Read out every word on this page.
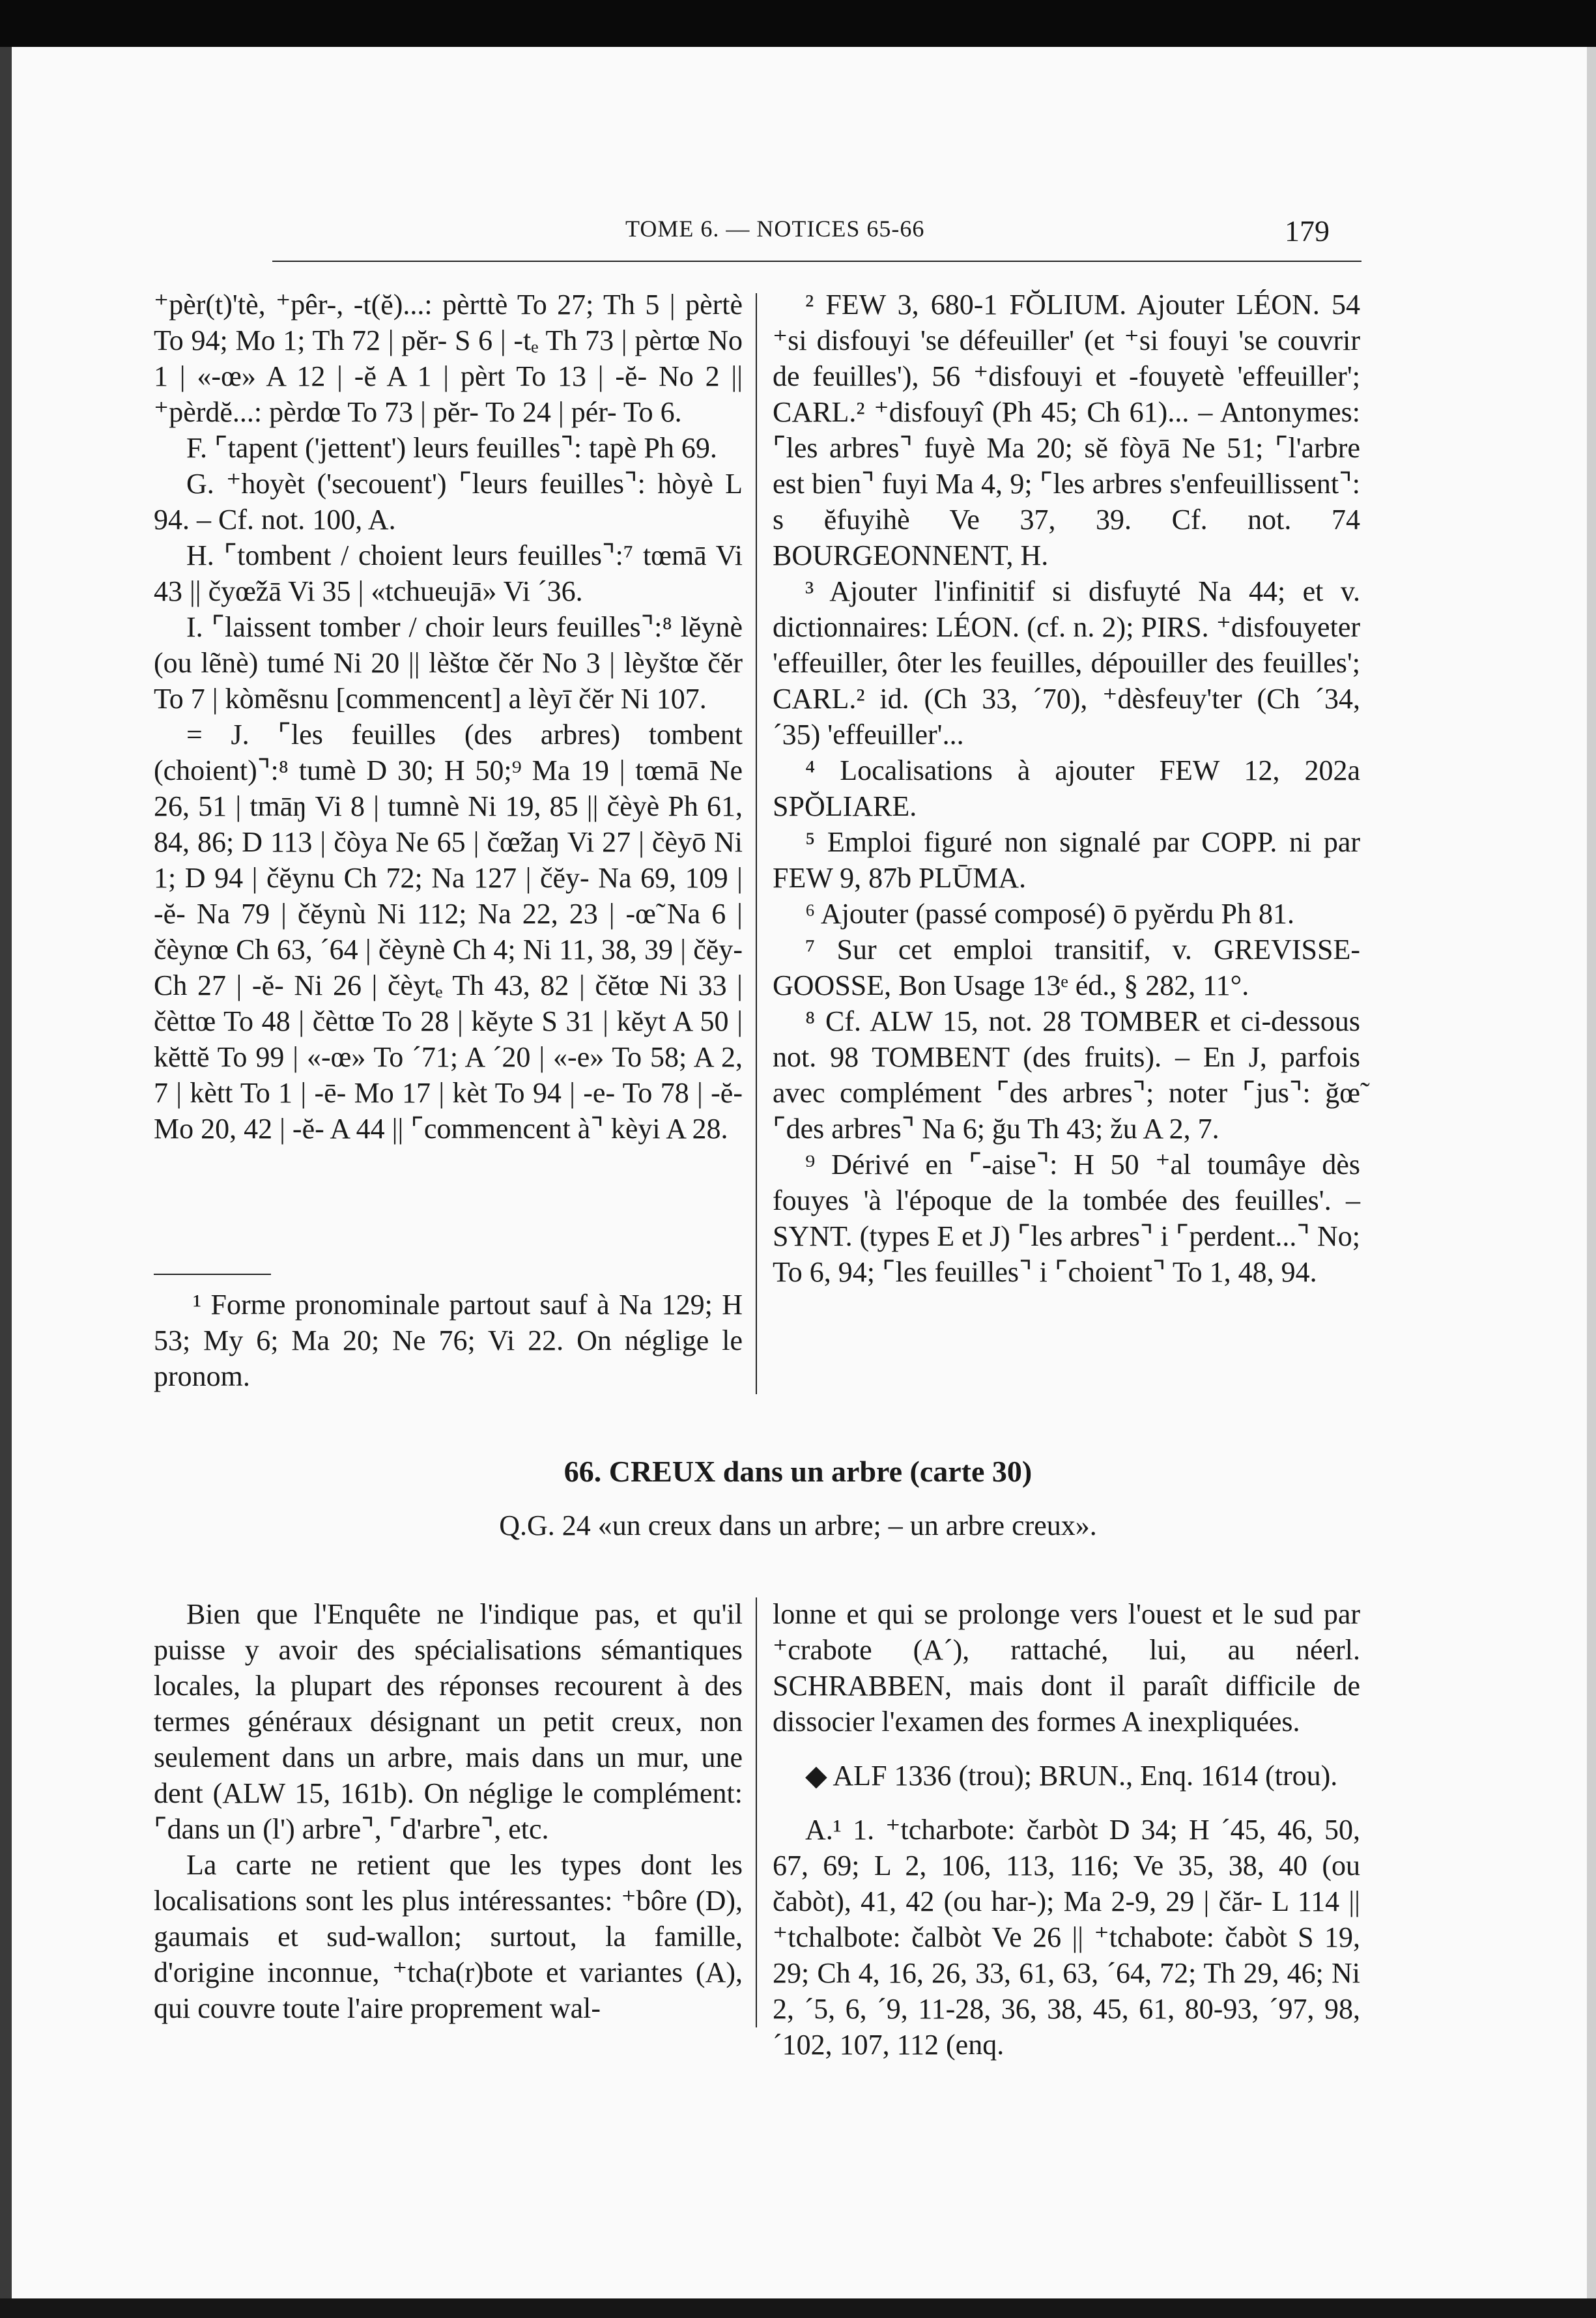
TOME 6. — NOTICES 65-66	179

⁺pèr(t)'tè, ⁺pêr-, -t(ĕ)...: pèrttè To 27; Th 5 | pèrtè To 94; Mo 1; Th 72 | pĕr- S 6 | -tₑ Th 73 | pèrtœ No 1 | «-œ» A 12 | -ĕ A 1 | pèrt To 13 | -ĕ- No 2 || ⁺pèrdĕ...: pèrdœ To 73 | pĕr- To 24 | pér- To 6.

F. ⌜tapent ('jettent') leurs feuilles⌝: tapè Ph 69.

G. ⁺hoyèt ('secouent') ⌜leurs feuilles⌝: hòyè L 94. – Cf. not. 100, A.

H. ⌜tombent / choient leurs feuilles⌝:⁷ tœmā Vi 43 || čyœ̃žā Vi 35 | «tchueujā» Vi ´36.

I. ⌜laissent tomber / choir leurs feuilles⌝:⁸ lĕynè (ou lẽnè) tumé Ni 20 || lèštœ čĕr No 3 | lèyštœ čĕr To 7 | kòmẽsnu [commencent] a lèyī čĕr Ni 107.

= J. ⌜les feuilles (des arbres) tombent (choient)⌝:⁸ tumè D 30; H 50;⁹ Ma 19 | tœmā Ne 26, 51 | tmāŋ Vi 8 | tumnè Ni 19, 85 || čèyè Ph 61, 84, 86; D 113 | čòya Ne 65 | čœ̃žaŋ Vi 27 | čèyō Ni 1; D 94 | čĕynu Ch 72; Na 127 | čĕy- Na 69, 109 | -ĕ- Na 79 | čĕynù Ni 112; Na 22, 23 | -œ̃ Na 6 | čèynœ Ch 63, ´64 | čèynè Ch 4; Ni 11, 38, 39 | čĕy- Ch 27 | -ĕ- Ni 26 | čèytₑ Th 43, 82 | čĕtœ Ni 33 | čèttœ To 48 | čèttœ To 28 | kĕyte S 31 | kĕyt A 50 | kĕttĕ To 99 | «-œ» To ´71; A ´20 | «-e» To 58; A 2, 7 | kètt To 1 | -ē- Mo 17 | kèt To 94 | -e- To 78 | -ĕ- Mo 20, 42 | -ĕ- A 44 || ⌜commencent à⌝ kèyi A 28.

¹ Forme pronominale partout sauf à Na 129; H 53; My 6; Ma 20; Ne 76; Vi 22. On néglige le pronom.

² FEW 3, 680-1 FŎLIUM. Ajouter LÉON. 54 ⁺si disfouyi 'se défeuiller' (et ⁺si fouyi 'se couvrir de feuilles'), 56 ⁺disfouyi et -fouyetè 'effeuiller'; CARL.² ⁺disfouyî (Ph 45; Ch 61)... – Antonymes: ⌜les arbres⌝ fuyè Ma 20; sĕ fòyā Ne 51; ⌜l'arbre est bien⌝ fuyi Ma 4, 9; ⌜les arbres s'enfeuillissent⌝: s ĕfuyihè Ve 37, 39. Cf. not. 74 BOURGEONNENT, H.

³ Ajouter l'infinitif si disfuyté Na 44; et v. dictionnaires: LÉON. (cf. n. 2); PIRS. ⁺disfouyeter 'effeuiller, ôter les feuilles, dépouiller des feuilles'; CARL.² id. (Ch 33, ´70), ⁺dèsfeuy'ter (Ch ´34, ´35) 'effeuiller'...

⁴ Localisations à ajouter FEW 12, 202a SPŎLIARE.

⁵ Emploi figuré non signalé par COPP. ni par FEW 9, 87b PLŪMA.

⁶ Ajouter (passé composé) ō pyĕrdu Ph 81.

⁷ Sur cet emploi transitif, v. GREVISSE-GOOSSE, Bon Usage 13ᵉ éd., § 282, 11°.

⁸ Cf. ALW 15, not. 28 TOMBER et ci-dessous not. 98 TOMBENT (des fruits). – En J, parfois avec complément ⌜des arbres⌝; noter ⌜jus⌝: ğœ̃ ⌜des arbres⌝ Na 6; ğu Th 43; žu A 2, 7.

⁹ Dérivé en ⌜-aise⌝: H 50 ⁺al toumâye dès fouyes 'à l'époque de la tombée des feuilles'. – SYNT. (types E et J) ⌜les arbres⌝ i ⌜perdent...⌝ No; To 6, 94; ⌜les feuilles⌝ i ⌜choient⌝ To 1, 48, 94.

66. CREUX dans un arbre (carte 30)
Q.G. 24 «un creux dans un arbre; – un arbre creux».

Bien que l'Enquête ne l'indique pas, et qu'il puisse y avoir des spécialisations sémantiques locales, la plupart des réponses recourent à des termes généraux désignant un petit creux, non seulement dans un arbre, mais dans un mur, une dent (ALW 15, 161b). On néglige le complément: ⌜dans un (l') arbre⌝, ⌜d'arbre⌝, etc.

La carte ne retient que les types dont les localisations sont les plus intéressantes: ⁺bôre (D), gaumais et sud-wallon; surtout, la famille, d'origine inconnue, ⁺tcha(r)bote et variantes (A), qui couvre toute l'aire proprement wal-

lonne et qui se prolonge vers l'ouest et le sud par ⁺crabote (A´), rattaché, lui, au néerl. SCHRABBEN, mais dont il paraît difficile de dissocier l'examen des formes A inexpliquées.

◆ ALF 1336 (trou); BRUN., Enq. 1614 (trou).

A.¹ 1. ⁺tcharbote: čarbòt D 34; H ´45, 46, 50, 67, 69; L 2, 106, 113, 116; Ve 35, 38, 40 (ou čabòt), 41, 42 (ou har-); Ma 2-9, 29 | čăr- L 114 || ⁺tchalbote: čalbòt Ve 26 || ⁺tchabote: čabòt S 19, 29; Ch 4, 16, 26, 33, 61, 63, ´64, 72; Th 29, 46; Ni 2, ´5, 6, ´9, 11-28, 36, 38, 45, 61, 80-93, ´97, 98, ´102, 107, 112 (enq.
